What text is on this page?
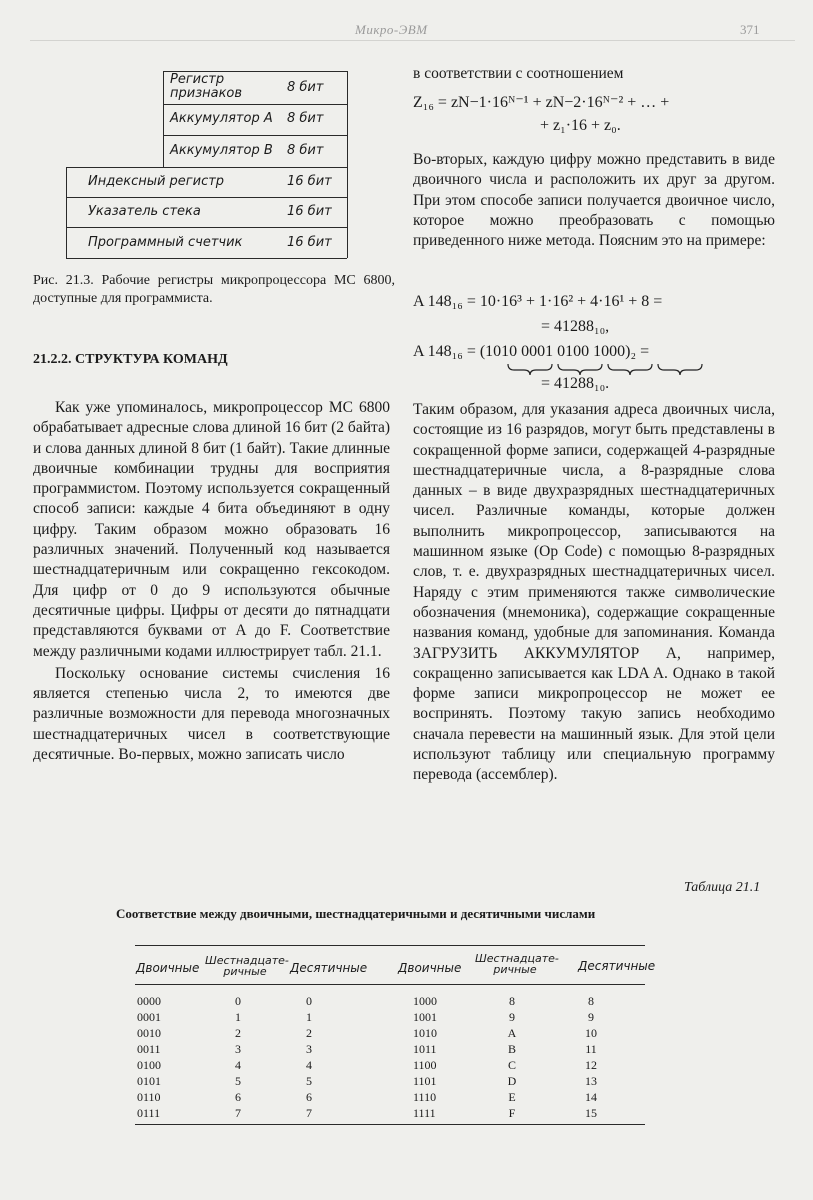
Микро-ЭВМ	371
Регистр
признаков	8 бит
Аккумулятор А 8 бит
Аккумулятор В 8 бит
Индексный регистр	16 бит
Указатель стека	16 бит
Программный счетчик	16 бит
Рис. 21.3. Рабочие регистры микропроцессора МС 6800, доступные для программиста.
21.2.2. СТРУКТУРА КОМАНД

Как уже упоминалось, микропроцессор МС 6800 обрабатывает адресные слова длиной 16 бит (2 байта) и слова данных длиной 8 бит (1 байт). Такие длинные двоичные комбинации трудны для восприятия программистом. Поэтому используется сокращенный способ записи: каждые 4 бита объединяют в одну цифру. Таким образом можно образовать 16 различных значений. Полученный код называется шестнадцатеричным или сокращенно гексокодом. Для цифр от 0 до 9 используются обычные десятичные цифры. Цифры от десяти до пятнадцати представляются буквами от A до F. Соответствие между различными кодами иллюстрирует табл. 21.1.

Поскольку основание системы счисления 16 является степенью числа 2, то имеются две различные возможности для перевода многозначных шестнадцатеричных чисел в соответствующие десятичные. Во-первых, можно записать число

в соответствии с соотношением
Z₁₆ = zN−1·16ᴺ⁻¹ + zN−2·16ᴺ⁻² + … +
+ z₁·16 + z₀.
Во-вторых, каждую цифру можно представить в виде двоичного числа и расположить их друг за другом. При этом способе записи получается двоичное число, которое можно преобразовать с помощью приведенного ниже метода. Поясним это на примере:
A 148₁₆ = 10·16³ + 1·16² + 4·16¹ + 8 =
= 41288₁₀,
A 148₁₆ = (1010 0001 0100 1000)₂ =
= 41288₁₀.
Таким образом, для указания адреса двоичных числа, состоящие из 16 разрядов, могут быть представлены в сокращенной форме записи, содержащей 4-разрядные шестнадцатеричные числа, а 8-разрядные слова данных – в виде двухразрядных шестнадцатеричных чисел. Различные команды, которые должен выполнить микропроцессор, записываются на машинном языке (Op Code) с помощью 8-разрядных слов, т. е. двухразрядных шестнадцатеричных чисел. Наряду с этим применяются также символические обозначения (мнемоника), содержащие сокращенные названия команд, удобные для запоминания. Команда ЗАГРУЗИТЬ АККУМУЛЯТОР А, например, сокращенно записывается как LDA A. Однако в такой форме записи микропроцессор не может ее воспринять. Поэтому такую запись необходимо сначала перевести на машинный язык. Для этой цели используют таблицу или специальную программу перевода (ассемблер).
Таблица 21.1
Соответствие между двоичными, шестнадцатеричными и десятичными числами
Двоичные
Шестнадцате-
ричные	Десятичные	Двоичные
Шестнадцате-
ричные	Десятичные
0000	0	0	1000	8	8
0001	1	1	1001	9	9
0010	2	2	1010	A	10
0011	3	3	1011	B	11
0100	4	4	1100	C	12
0101	5	5	1101	D	13
0110	6	6	1110	E	14
0111	7	7	1111	F	15
